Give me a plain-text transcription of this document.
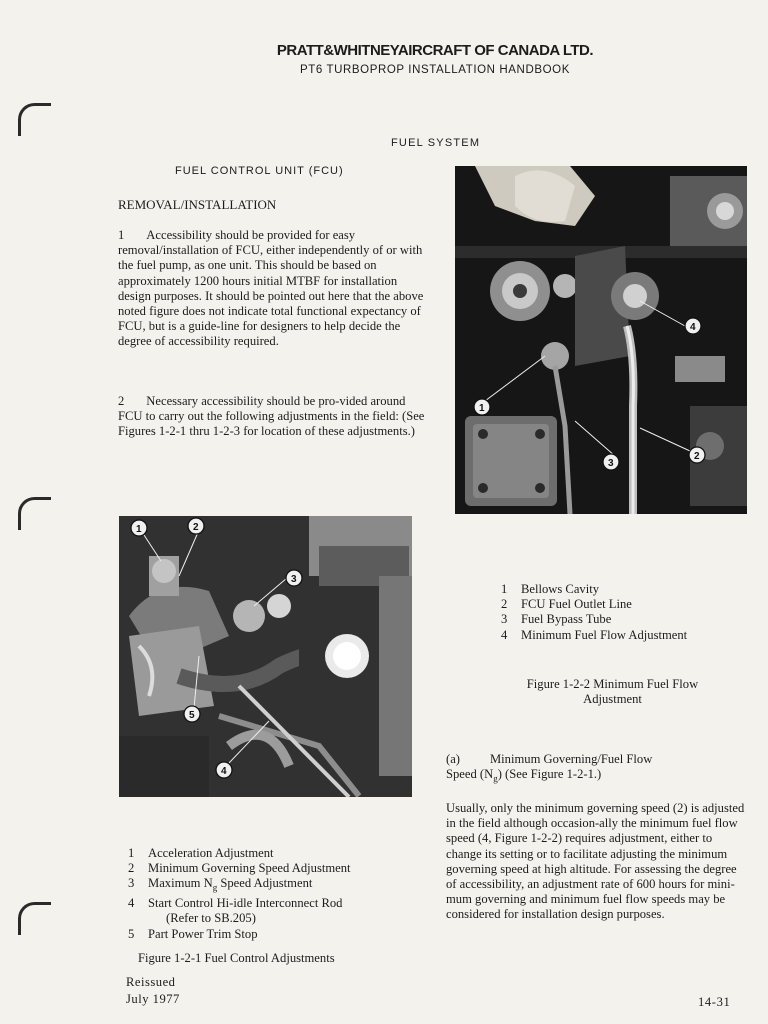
PRATT&WHITNEYAIRCRAFT OF CANADA LTD.
PT6 TURBOPROP INSTALLATION HANDBOOK
FUEL SYSTEM
FUEL CONTROL UNIT (FCU)
REMOVAL/INSTALLATION
1 Accessibility should be provided for easy removal/installation of FCU, either independently of or with the fuel pump, as one unit. This should be based on approximately 1200 hours initial MTBF for installation design purposes. It should be pointed out here that the above noted figure does not indicate total functional expectancy of FCU, but is a guide-line for designers to help decide the degree of accessibility required.
2 Necessary accessibility should be pro-vided around FCU to carry out the following adjustments in the field: (See Figures 1-2-1 thru 1-2-3 for location of these adjustments.)
1
2
3
4
1	2
3
4
5
1 Bellows Cavity
2 FCU Fuel Outlet Line
3 Fuel Bypass Tube
4 Minimum Fuel Flow Adjustment
Figure 1-2-2 Minimum Fuel Flow
Adjustment
(a) Minimum Governing/Fuel Flow
Speed $(N_g)$ (See Figure 1-2-1.)
Usually, only the minimum governing speed (2) is adjusted in the field although occasion-ally the minimum fuel flow speed (4, Figure 1-2-2) requires adjustment, either to change its setting or to facilitate adjusting the minimum governing speed at high altitude. For assessing the degree of accessibility, an adjustment rate of 600 hours for mini-mum governing and minimum fuel flow speeds may be considered for installation design purposes.
1 Acceleration Adjustment
2 Minimum Governing Speed Adjustment
3 Maximum $N_g$ Speed Adjustment
4 Start Control Hi-idle Interconnect Rod
(Refer to SB.205)
5 Part Power Trim Stop
Figure 1-2-1 Fuel Control Adjustments
Reissued
July 1977	14-31
